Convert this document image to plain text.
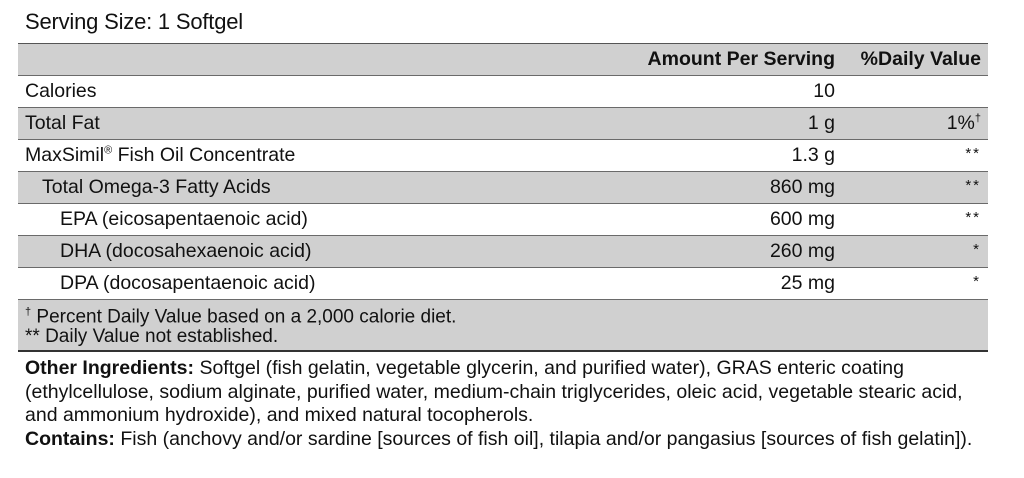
Serving Size: 1 Softgel
	Amount Per Serving	%Daily Value
Calories	10	
Total Fat	1 g	1%†
MaxSimil® Fish Oil Concentrate	1.3 g	**
Total Omega-3 Fatty Acids	860 mg	**
EPA (eicosapentaenoic acid)	600 mg	**
DHA (docosahexaenoic acid)	260 mg	*
DPA (docosapentaenoic acid)	25 mg	*
† Percent Daily Value based on a 2,000 calorie diet.
** Daily Value not established.
Other Ingredients: Softgel (fish gelatin, vegetable glycerin, and purified water), GRAS enteric coating (ethylcellulose, sodium alginate, purified water, medium-chain triglycerides, oleic acid, vegetable stearic acid, and ammonium hydroxide), and mixed natural tocopherols.
Contains: Fish (anchovy and/or sardine [sources of fish oil], tilapia and/or pangasius [sources of fish gelatin]).
